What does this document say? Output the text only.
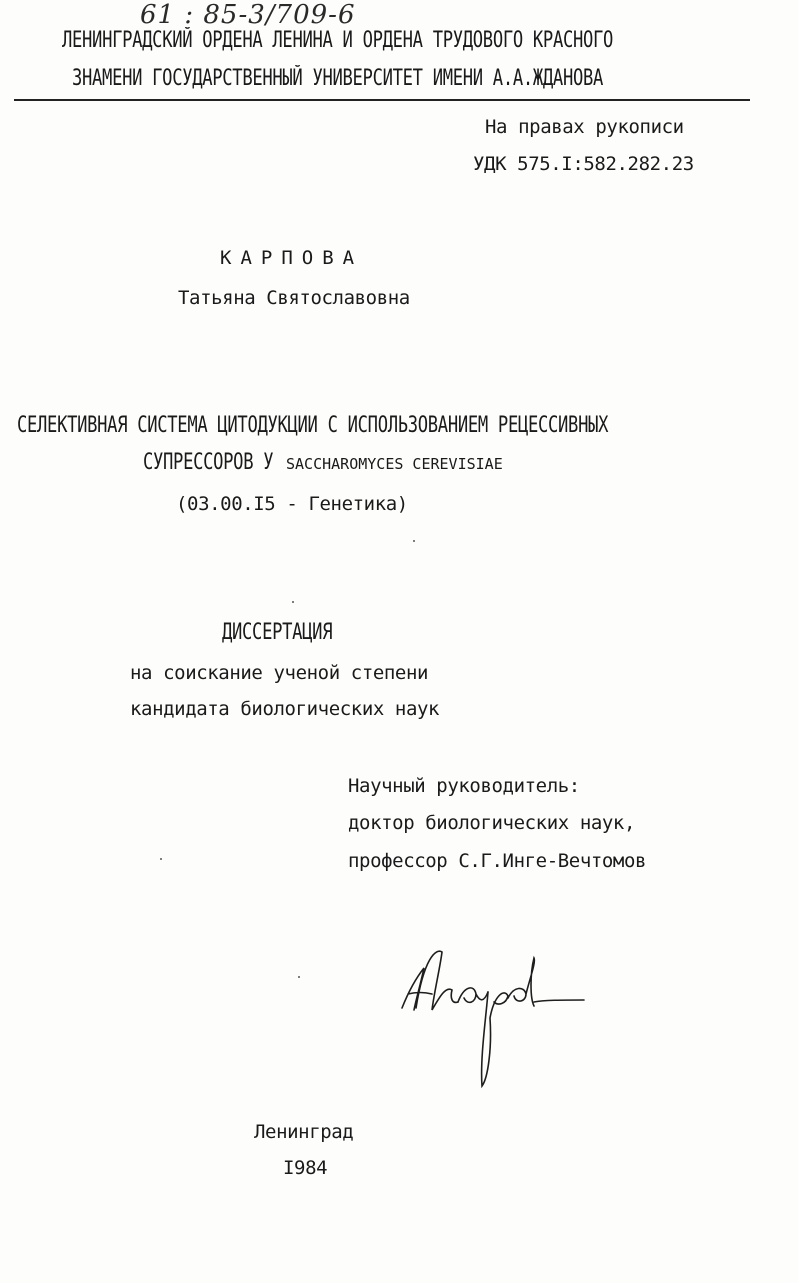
61 : 85-3/709-6
ЛЕНИНГРАДСКИЙ ОРДЕНА ЛЕНИНА И ОРДЕНА ТРУДОВОГО КРАСНОГО
ЗНАМЕНИ ГОСУДАРСТВЕННЫЙ УНИВЕРСИТЕТ ИМЕНИ А.А.ЖДАНОВА
На правах рукописи
УДК 575.I:582.282.23
КАРПОВА
Татьяна Святославовна
СЕЛЕКТИВНАЯ СИСТЕМА ЦИТОДУКЦИИ С ИСПОЛЬЗОВАНИЕМ РЕЦЕССИВНЫХ
СУПРЕССОРОВ У SACCHAROMYCES CEREVISIAE
(03.00.I5 - Генетика)
ДИССЕРТАЦИЯ
на соискание ученой степени
кандидата биологических наук
Научный руководитель:
доктор биологических наук,
профессор С.Г.Инге-Вечтомов
Ленинград
I984
